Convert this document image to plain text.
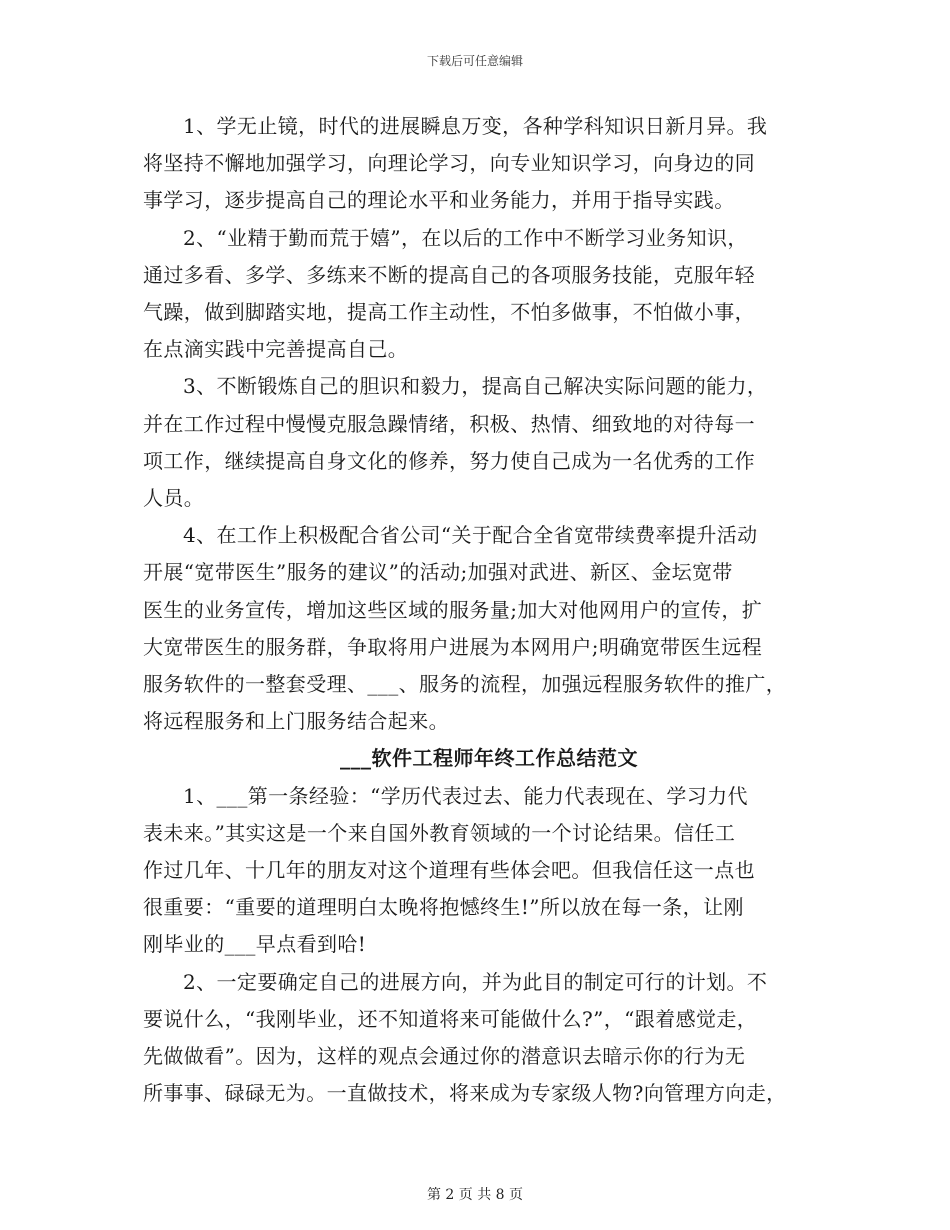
下载后可任意编辑
1、学无止镜，时代的进展瞬息万变，各种学科知识日新月异。我
将坚持不懈地加强学习，向理论学习，向专业知识学习，向身边的同
事学习，逐步提高自己的理论水平和业务能力，并用于指导实践。
2、“业精于勤而荒于嬉”，在以后的工作中不断学习业务知识，
通过多看、多学、多练来不断的提高自己的各项服务技能，克服年轻
气躁，做到脚踏实地，提高工作主动性，不怕多做事，不怕做小事，
在点滴实践中完善提高自己。
3、不断锻炼自己的胆识和毅力，提高自己解决实际问题的能力，
并在工作过程中慢慢克服急躁情绪，积极、热情、细致地的对待每一
项工作，继续提高自身文化的修养，努力使自己成为一名优秀的工作
人员。
4、在工作上积极配合省公司“关于配合全省宽带续费率提升活动
开展“宽带医生”服务的建议”的活动;加强对武进、新区、金坛宽带
医生的业务宣传，增加这些区域的服务量;加大对他网用户的宣传，扩
大宽带医生的服务群，争取将用户进展为本网用户;明确宽带医生远程
服务软件的一整套受理、___、服务的流程，加强远程服务软件的推广，
将远程服务和上门服务结合起来。
___软件工程师年终工作总结范文
1、___第一条经验：“学历代表过去、能力代表现在、学习力代
表未来。”其实这是一个来自国外教育领域的一个讨论结果。信任工
作过几年、十几年的朋友对这个道理有些体会吧。但我信任这一点也
很重要：“重要的道理明白太晚将抱憾终生!”所以放在每一条，让刚
刚毕业的___早点看到哈!
2、一定要确定自己的进展方向，并为此目的制定可行的计划。不
要说什么，“我刚毕业，还不知道将来可能做什么?”，“跟着感觉走，
先做做看”。因为，这样的观点会通过你的潜意识去暗示你的行为无
所事事、碌碌无为。一直做技术，将来成为专家级人物?向管理方向走，
第 2 页 共 8 页
